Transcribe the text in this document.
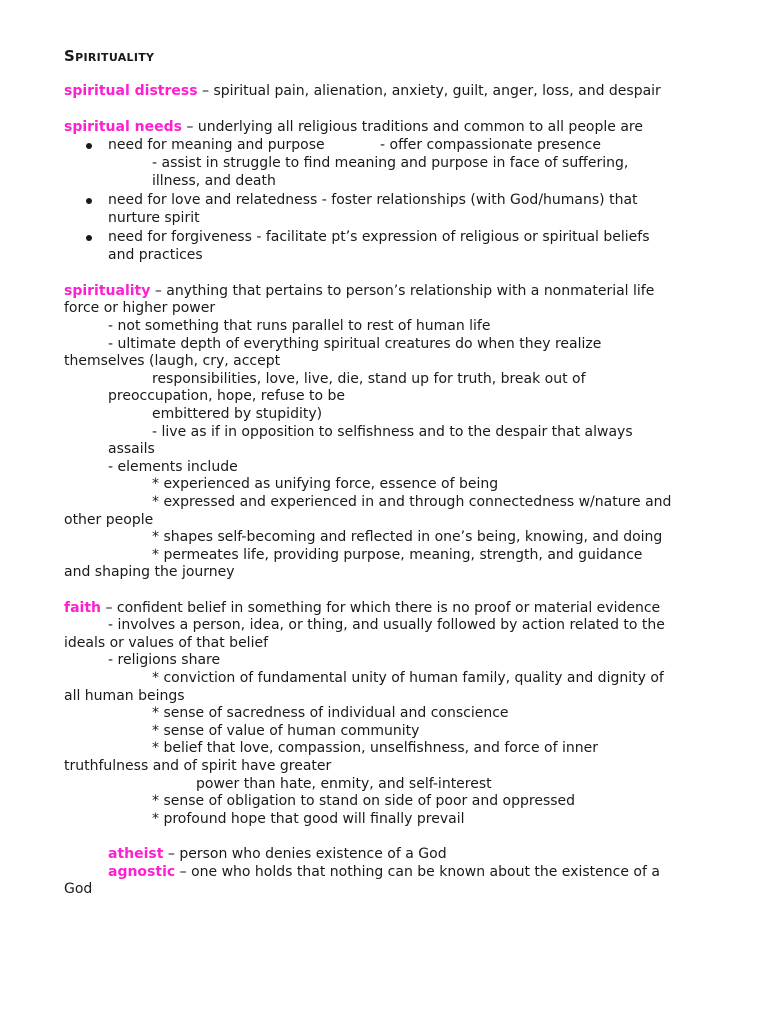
Spirituality
spiritual distress – spiritual pain, alienation, anxiety, guilt, anger, loss, and despair
spiritual needs – underlying all religious traditions and common to all people are
need for meaning and purpose	- offer compassionate presence
- assist in struggle to find meaning and purpose in face of suffering,
illness, and death
need for love and relatedness - foster relationships (with God/humans) that
nurture spirit
need for forgiveness - facilitate pt’s expression of religious or spiritual beliefs
and practices
spirituality – anything that pertains to person’s relationship with a nonmaterial life
force or higher power
- not something that runs parallel to rest of human life
- ultimate depth of everything spiritual creatures do when they realize
themselves (laugh, cry, accept
responsibilities, love, live, die, stand up for truth, break out of
preoccupation, hope, refuse to be
embittered by stupidity)
- live as if in opposition to selfishness and to the despair that always
assails
- elements include
* experienced as unifying force, essence of being
* expressed and experienced in and through connectedness w/nature and
other people
* shapes self-becoming and reflected in one’s being, knowing, and doing
* permeates life, providing purpose, meaning, strength, and guidance
and shaping the journey
faith – confident belief in something for which there is no proof or material evidence
- involves a person, idea, or thing, and usually followed by action related to the
ideals or values of that belief
- religions share
* conviction of fundamental unity of human family, quality and dignity of
all human beings
* sense of sacredness of individual and conscience
* sense of value of human community
* belief that love, compassion, unselfishness, and force of inner
truthfulness and of spirit have greater
power than hate, enmity, and self-interest
* sense of obligation to stand on side of poor and oppressed
* profound hope that good will finally prevail
atheist – person who denies existence of a God
agnostic – one who holds that nothing can be known about the existence of a
God
